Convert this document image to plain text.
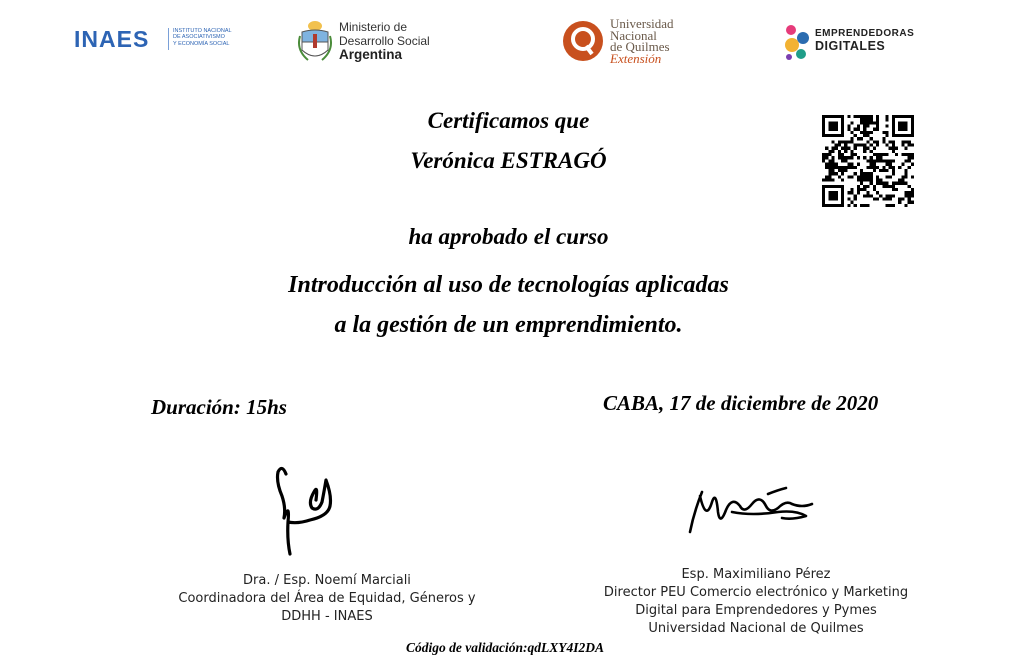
INAES	INSTITUTO NACIONAL
DE ASOCIATIVISMO
Y ECONOMÍA SOCIAL
Ministerio de
Desarrollo Social
Argentina
Universidad
Nacional
de Quilmes
Extensión
EMPRENDEDORAS
DIGITALES
Certificamos que
Verónica ESTRAGÓ
ha aprobado el curso
Introducción al uso de tecnologías aplicadas
a la gestión de un emprendimiento.
Duración: 15hs	CABA, 17 de diciembre de 2020
Dra. / Esp. Noemí Marciali
Coordinadora del Área de Equidad, Géneros y
DDHH - INAES
Esp. Maximiliano Pérez
Director PEU Comercio electrónico y Marketing
Digital para Emprendedores y Pymes
Universidad Nacional de Quilmes
Código de validación:qdLXY4I2DA
